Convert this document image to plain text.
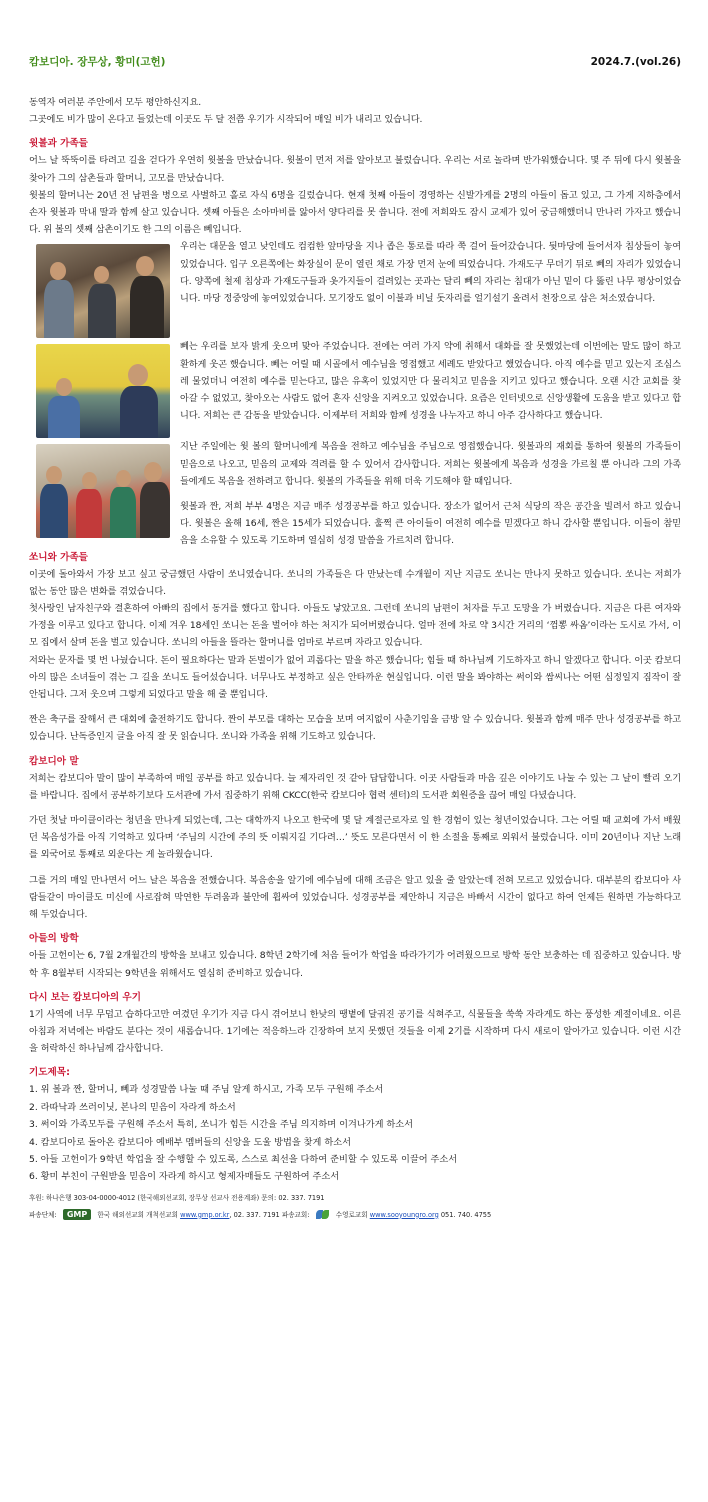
캄보디아. 장무상, 황미(고헌)	2024.7.(vol.26)

동역자 여러분 주안에서 모두 평안하신지요.

그곳에도 비가 많이 온다고 들었는데 이곳도 두 달 전쯤 우기가 시작되어 매일 비가 내리고 있습니다.

윗볼과 가족들

어느 날 뚝뚝이를 타려고 길을 걷다가 우연히 윗볼을 만났습니다. 윗볼이 먼저 저를 알아보고 불렀습니다. 우리는 서로 놀라며 반가워했습니다. 몇 주 뒤에 다시 윗볼을 찾아가 그의 삼촌들과 할머니, 고모를 만났습니다.

윗볼의 할머니는 20년 전 남편을 병으로 사별하고 홀로 자식 6명을 길렀습니다. 현재 첫째 아들이 경영하는 신발가게를 2명의 아들이 돕고 있고, 그 가게 지하층에서 손자 윗볼과 막내 딸과 함께 살고 있습니다. 셋째 아들은 소아마비를 앓아서 양다리를 못 씁니다. 전에 저희와도 잠시 교제가 있어 궁금해했더니 만나러 가자고 했습니다. 위 볼의 셋째 삼촌이기도 한 그의 이름은 뻬입니다.

우리는 대문을 열고 낮인데도 컴컴한 앞마당을 지나 좁은 통로를 따라 쭉 걸어 들어갔습니다. 뒷마당에 들어서자 침상들이 놓여있었습니다. 입구 오른쪽에는 화장실이 문이 열린 채로 가장 먼저 눈에 띄었습니다. 가재도구 무더기 뒤로 뻬의 자리가 있었습니다. 양쪽에 철제 침상과 가재도구들과 옷가지들이 걸려있는 곳과는 달리 뻬의 자리는 침대가 아닌 밑이 다 뚫린 나무 평상이었습니다. 마당 정중앙에 놓여있었습니다. 모기장도 없이 이불과 비닐 돗자리를 얼기설기 올려서 천장으로 삼은 처소였습니다.

뻬는 우리를 보자 밝게 웃으며 맞아 주었습니다. 전에는 여러 가지 약에 취해서 대화를 잘 못했었는데 이번에는 말도 많이 하고 환하게 웃곤 했습니다. 뻬는 어릴 때 시골에서 예수님을 영접했고 세례도 받았다고 했었습니다. 아직 예수를 믿고 있는지 조심스레 물었더니 여전히 예수를 믿는다고, 많은 유혹이 있었지만 다 물리치고 믿음을 지키고 있다고 했습니다. 오랜 시간 교회를 찾아갈 수 없었고, 찾아오는 사람도 없어 혼자 신앙을 지켜오고 있었습니다. 요즘은 인터넷으로 신앙생활에 도움을 받고 있다고 합니다. 저희는 큰 감동을 받았습니다. 이제부터 저희와 함께 성경을 나누자고 하니 아주 감사하다고 했습니다.

지난 주일에는 윗 볼의 할머니에게 복음을 전하고 예수님을 주님으로 영접했습니다. 윗볼과의 재회를 통하여 윗볼의 가족들이 믿음으로 나오고, 믿음의 교제와 격려를 할 수 있어서 감사합니다. 저희는 윗볼에게 복음과 성경을 가르칠 뿐 아니라 그의 가족들에게도 복음을 전하려고 합니다. 윗볼의 가족들을 위해 더욱 기도해야 할 때입니다.

윗볼과 짠, 저희 부부 4명은 지금 매주 성경공부를 하고 있습니다. 장소가 없어서 근처 식당의 작은 공간을 빌려서 하고 있습니다. 윗볼은 올해 16세, 짠은 15세가 되었습니다. 훌쩍 큰 아이들이 여전히 예수를 믿겠다고 하니 감사할 뿐입니다. 이들이 참믿음을 소유할 수 있도록 기도하며 열심히 성경 말씀을 가르치려 합니다.

쏘니와 가족들

이곳에 돌아와서 가장 보고 싶고 궁금했던 사람이 쏘니였습니다. 쏘니의 가족들은 다 만났는데 수개월이 지난 지금도 쏘니는 만나지 못하고 있습니다. 쏘니는 저희가 없는 동안 많은 변화를 겪었습니다.

첫사랑인 남자친구와 결혼하여 아빠의 집에서 동거를 했다고 합니다. 아들도 낳았고요. 그런데 쏘니의 남편이 처자를 두고 도망을 가 버렸습니다. 지금은 다른 여자와 가정을 이루고 있다고 합니다. 이제 겨우 18세인 쏘니는 돈을 벌어야 하는 처지가 되어버렸습니다. 얼마 전에 차로 약 3시간 거리의 ‘껌뽕 싸옴’이라는 도시로 가서, 이모 집에서 살며 돈을 벌고 있습니다. 쏘니의 아들을 뜰라는 할머니를 엄마로 부르며 자라고 있습니다.

저와는 문자를 몇 번 나눴습니다. 돈이 필요하다는 말과 돈벌이가 없어 괴롭다는 말을 하곤 했습니다; 힘들 때 하나님께 기도하자고 하니 알겠다고 합니다. 이곳 캄보디아의 많은 소녀들이 겪는 그 길을 쏘니도 들어섰습니다. 너무나도 부정하고 싶은 안타까운 현실입니다. 이런 딸을 봐야하는 써이와 쌈씨나는 어떤 심정일지 짐작이 잘 안됩니다. 그저 웃으며 그렇게 되었다고 말을 해 줄 뿐입니다.

짠은 축구를 잘해서 큰 대회에 출전하기도 합니다. 짠이 부모를 대하는 모습을 보며 여지없이 사춘기임을 금방 알 수 있습니다. 윗볼과 함께 매주 만나 성경공부를 하고 있습니다. 난독증인지 글을 아직 잘 못 읽습니다. 쏘니와 가족을 위해 기도하고 있습니다.

캄보디아 말

저희는 캄보디아 말이 많이 부족하여 매일 공부를 하고 있습니다. 늘 제자리인 것 같아 답답합니다. 이곳 사람들과 마음 깊은 이야기도 나눌 수 있는 그 날이 빨리 오기를 바랍니다. 집에서 공부하기보다 도서관에 가서 집중하기 위해 CKCC(한국 캄보디아 협력 센터)의 도서관 회원증을 끊어 매일 다녔습니다.

가던 첫날 마이클이라는 청년을 만나게 되었는데, 그는 대학까지 나오고 한국에 몇 달 계절근로자로 일 한 경험이 있는 청년이었습니다. 그는 어릴 때 교회에 가서 배웠던 복음성가를 아직 기억하고 있다며 ‘주님의 시간에 주의 뜻 이뤄지길 기다려…’ 뜻도 모른다면서 이 한 소절을 통째로 외워서 불렀습니다. 이미 20년이나 지난 노래를 외국어로 통째로 외운다는 게 놀라웠습니다.

그를 거의 매일 만나면서 어느 날은 복음을 전했습니다. 복음송을 알기에 예수님에 대해 조금은 알고 있을 줄 알았는데 전혀 모르고 있었습니다. 대부분의 캄보디아 사람들같이 마이클도 미신에 사로잡혀 막연한 두려움과 불안에 휩싸여 있었습니다. 성경공부를 제안하니 지금은 바빠서 시간이 없다고 하여 언제든 원하면 가능하다고 해 두었습니다.

아들의 방학

아들 고헌이는 6, 7월 2개월간의 방학을 보내고 있습니다. 8학년 2학기에 처음 들어가 학업을 따라가기가 어려웠으므로 방학 동안 보충하는 데 집중하고 있습니다. 방학 후 8월부터 시작되는 9학년을 위해서도 열심히 준비하고 있습니다.

다시 보는 캄보디아의 우기

1기 사역에 너무 무덥고 습하다고만 여겼던 우기가 지금 다시 겪어보니 한낮의 땡볕에 달궈진 공기를 식혀주고, 식물들을 쑥쑥 자라게도 하는 풍성한 계절이네요. 이른 아침과 저녁에는 바람도 분다는 것이 새롭습니다. 1기에는 적응하느라 긴장하여 보지 못했던 것들을 이제 2기를 시작하며 다시 새로이 알아가고 있습니다. 이런 시간을 허락하신 하나님께 감사합니다.

기도제목:
1. 위 볼과 짠, 할머니, 뻬과 성경말씀 나눌 때 주님 알게 하시고, 가족 모두 구원해 주소서
2. 라따낙과 쓰러이닛, 본나의 믿음이 자라게 하소서
3. 써이와 가족모두를 구원해 주소서 특히, 쏘니가 힘든 시간을 주님 의지하며 이겨나가게 하소서
4. 캄보디아로 돌아온 캄보디아 예배부 멤버들의 신앙을 도울 방법을 찾게 하소서
5. 아들 고헌이가 9학년 학업을 잘 수행할 수 있도록, 스스로 최선을 다하여 준비할 수 있도록 이끌어 주소서
6. 황미 부친이 구원받을 믿음이 자라게 하시고 형제자매들도 구원하여 주소서
후원: 하나은행 303-04-0000-4012 (한국해외선교회, 장무상 선교사 전용계좌) 문의: 02. 337. 7191
파송단체: GMP 한국 해외선교회 개척선교회 www.gmp.or.kr, 02. 337. 7191 파송교회:	수영로교회 www.sooyoungro.org 051. 740. 4755
